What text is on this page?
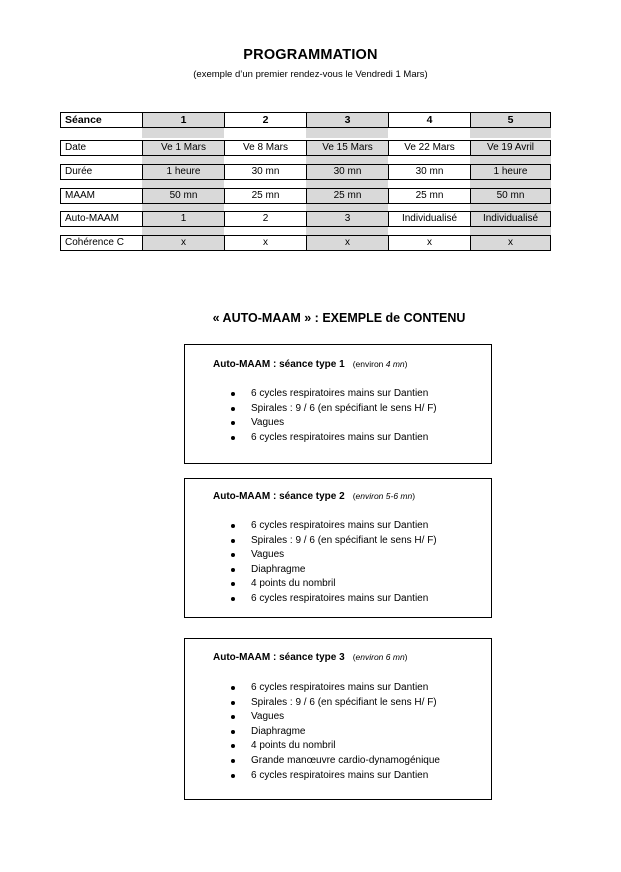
PROGRAMMATION
(exemple d’un premier rendez-vous le Vendredi 1 Mars)
Séance	1	2	3	4	5
Date	Ve 1 Mars	Ve 8 Mars	Ve 15 Mars	Ve 22 Mars	Ve 19 Avril
Durée	1 heure	30 mn	30 mn	30 mn	1 heure
MAAM	50 mn	25 mn	25 mn	25 mn	50 mn
Auto-MAAM	1	2	3	Individualisé	Individualisé
Cohérence C	x	x	x	x	x
« AUTO-MAAM » : EXEMPLE de CONTENU
Auto-MAAM : séance type 1 (environ 4 mn)
6 cycles respiratoires mains sur Dantien
Spirales : 9 / 6 (en spécifiant le sens H/ F)
Vagues
6 cycles respiratoires mains sur Dantien
Auto-MAAM : séance type 2 (environ 5-6 mn)
6 cycles respiratoires mains sur Dantien
Spirales : 9 / 6 (en spécifiant le sens H/ F)
Vagues
Diaphragme
4 points du nombril
6 cycles respiratoires mains sur Dantien
Auto-MAAM : séance type 3 (environ 6 mn)
6 cycles respiratoires mains sur Dantien
Spirales : 9 / 6 (en spécifiant le sens H/ F)
Vagues
Diaphragme
4 points du nombril
Grande manœuvre cardio-dynamogénique
6 cycles respiratoires mains sur Dantien
